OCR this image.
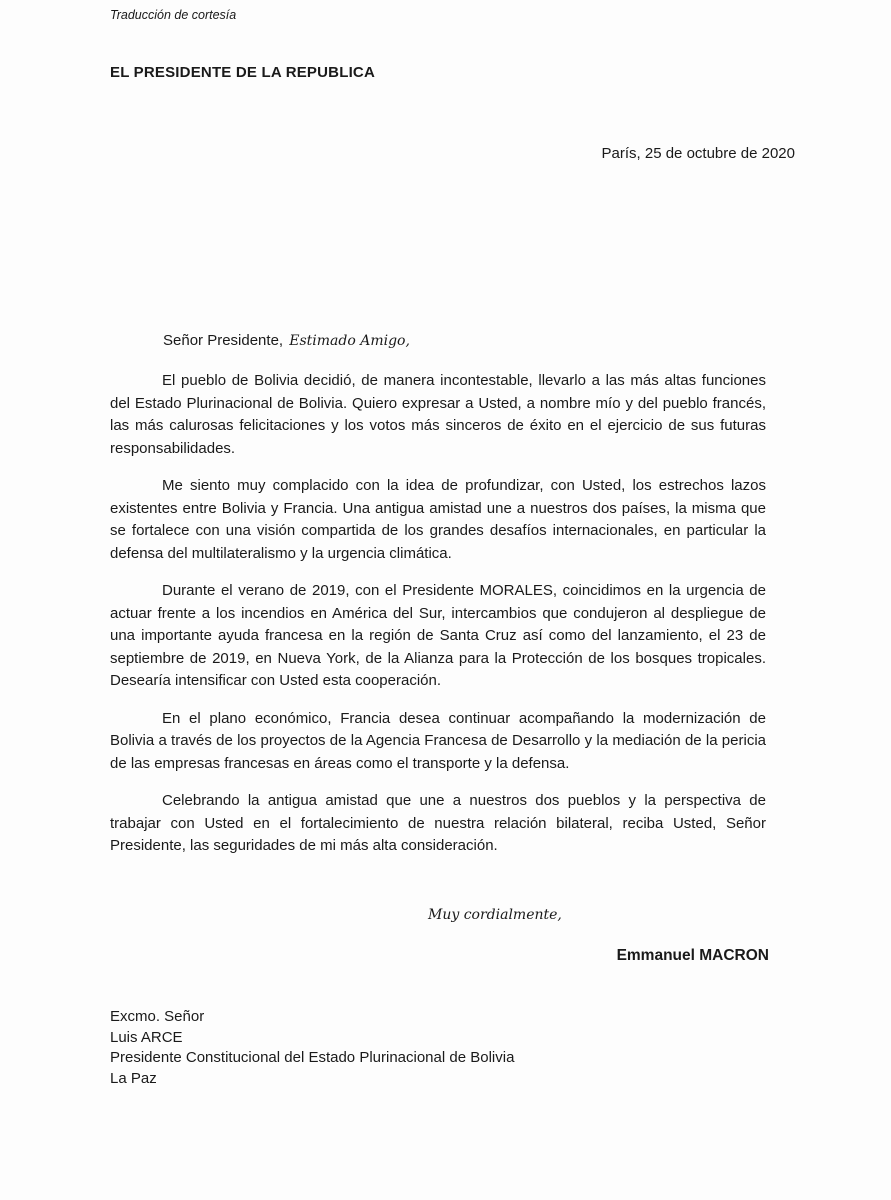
Traducción de cortesía
EL PRESIDENTE DE LA REPUBLICA
París, 25 de octubre de 2020
Señor Presidente, Estimado Amigo,

El pueblo de Bolivia decidió, de manera incontestable, llevarlo a las más altas funciones del Estado Plurinacional de Bolivia. Quiero expresar a Usted, a nombre mío y del pueblo francés, las más calurosas felicitaciones y los votos más sinceros de éxito en el ejercicio de sus futuras responsabilidades.

Me siento muy complacido con la idea de profundizar, con Usted, los estrechos lazos existentes entre Bolivia y Francia. Una antigua amistad une a nuestros dos países, la misma que se fortalece con una visión compartida de los grandes desafíos internacionales, en particular la defensa del multilateralismo y la urgencia climática.

Durante el verano de 2019, con el Presidente MORALES, coincidimos en la urgencia de actuar frente a los incendios en América del Sur, intercambios que condujeron al despliegue de una importante ayuda francesa en la región de Santa Cruz así como del lanzamiento, el 23 de septiembre de 2019, en Nueva York, de la Alianza para la Protección de los bosques tropicales. Desearía intensificar con Usted esta cooperación.

En el plano económico, Francia desea continuar acompañando la modernización de Bolivia a través de los proyectos de la Agencia Francesa de Desarrollo y la mediación de la pericia de las empresas francesas en áreas como el transporte y la defensa.

Celebrando la antigua amistad que une a nuestros dos pueblos y la perspectiva de trabajar con Usted en el fortalecimiento de nuestra relación bilateral, reciba Usted, Señor Presidente, las seguridades de mi más alta consideración.

Muy cordialmente,
Emmanuel MACRON
Excmo. Señor
Luis ARCE
Presidente Constitucional del Estado Plurinacional de Bolivia
La Paz
